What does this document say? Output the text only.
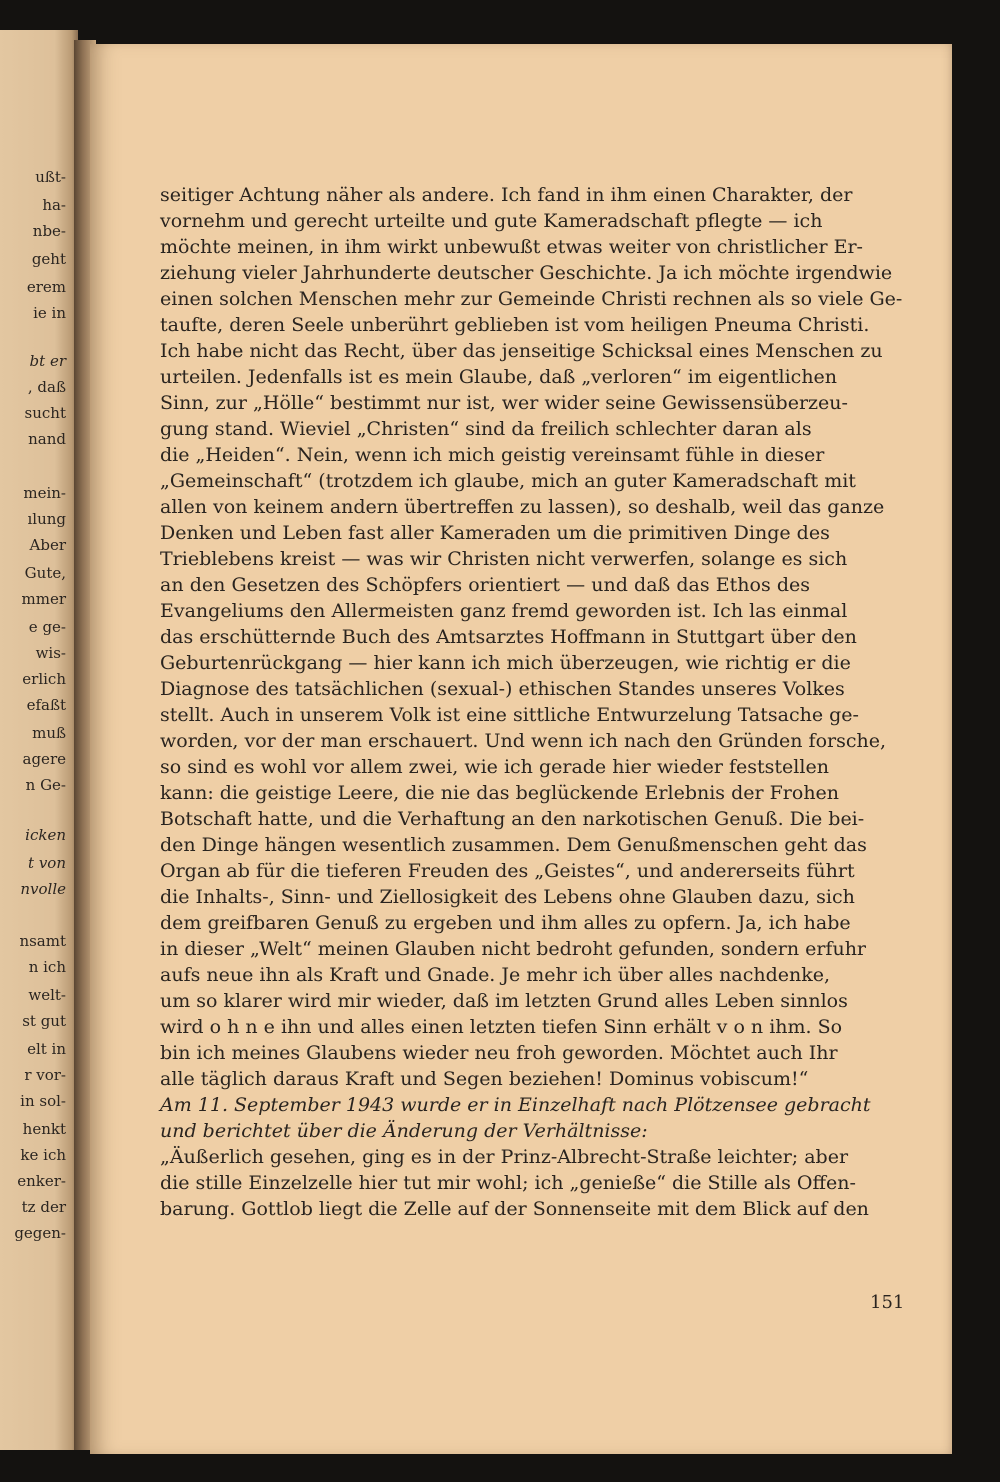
ußt-
ha-
nbe-
geht
erem
ie in
bt er
, daß
sucht
nand
mein-
ılung
Aber
Gute,
mmer
e ge-
wis-
erlich
efaßt
muß
agere
n Ge-
icken
t von
nvolle
nsamt
n ich
welt-
st gut
elt in
r vor-
in sol-
henkt
ke ich
enker-
tz der
gegen-
151
seitiger Achtung näher als andere. Ich fand in ihm einen Charakter, der
vornehm und gerecht urteilte und gute Kameradschaft pflegte — ich
möchte meinen, in ihm wirkt unbewußt etwas weiter von christlicher Er-
ziehung vieler Jahrhunderte deutscher Geschichte. Ja ich möchte irgendwie
einen solchen Menschen mehr zur Gemeinde Christi rechnen als so viele Ge-
taufte, deren Seele unberührt geblieben ist vom heiligen Pneuma Christi.
Ich habe nicht das Recht, über das jenseitige Schicksal eines Menschen zu
urteilen. Jedenfalls ist es mein Glaube, daß „verloren“ im eigentlichen
Sinn, zur „Hölle“ bestimmt nur ist, wer wider seine Gewissensüberzeu-
gung stand. Wieviel „Christen“ sind da freilich schlechter daran als
die „Heiden“. Nein, wenn ich mich geistig vereinsamt fühle in dieser
„Gemeinschaft“ (trotzdem ich glaube, mich an guter Kameradschaft mit
allen von keinem andern übertreffen zu lassen), so deshalb, weil das ganze
Denken und Leben fast aller Kameraden um die primitiven Dinge des
Trieblebens kreist — was wir Christen nicht verwerfen, solange es sich
an den Gesetzen des Schöpfers orientiert — und daß das Ethos des
Evangeliums den Allermeisten ganz fremd geworden ist. Ich las einmal
das erschütternde Buch des Amtsarztes Hoffmann in Stuttgart über den
Geburtenrückgang — hier kann ich mich überzeugen, wie richtig er die
Diagnose des tatsächlichen (sexual-) ethischen Standes unseres Volkes
stellt. Auch in unserem Volk ist eine sittliche Entwurzelung Tatsache ge-
worden, vor der man erschauert. Und wenn ich nach den Gründen forsche,
so sind es wohl vor allem zwei, wie ich gerade hier wieder feststellen
kann: die geistige Leere, die nie das beglückende Erlebnis der Frohen
Botschaft hatte, und die Verhaftung an den narkotischen Genuß. Die bei-
den Dinge hängen wesentlich zusammen. Dem Genußmenschen geht das
Organ ab für die tieferen Freuden des „Geistes“, und andererseits führt
die Inhalts-, Sinn- und Ziellosigkeit des Lebens ohne Glauben dazu, sich
dem greifbaren Genuß zu ergeben und ihm alles zu opfern. Ja, ich habe
in dieser „Welt“ meinen Glauben nicht bedroht gefunden, sondern erfuhr
aufs neue ihn als Kraft und Gnade. Je mehr ich über alles nachdenke,
um so klarer wird mir wieder, daß im letzten Grund alles Leben sinnlos
wird o h n e ihn und alles einen letzten tiefen Sinn erhält v o n ihm. So
bin ich meines Glaubens wieder neu froh geworden. Möchtet auch Ihr
alle täglich daraus Kraft und Segen beziehen! Dominus vobiscum!“
Am 11. September 1943 wurde er in Einzelhaft nach Plötzensee gebracht
und berichtet über die Änderung der Verhältnisse:
„Äußerlich gesehen, ging es in der Prinz-Albrecht-Straße leichter; aber
die stille Einzelzelle hier tut mir wohl; ich „genieße“ die Stille als Offen-
barung. Gottlob liegt die Zelle auf der Sonnenseite mit dem Blick auf den
